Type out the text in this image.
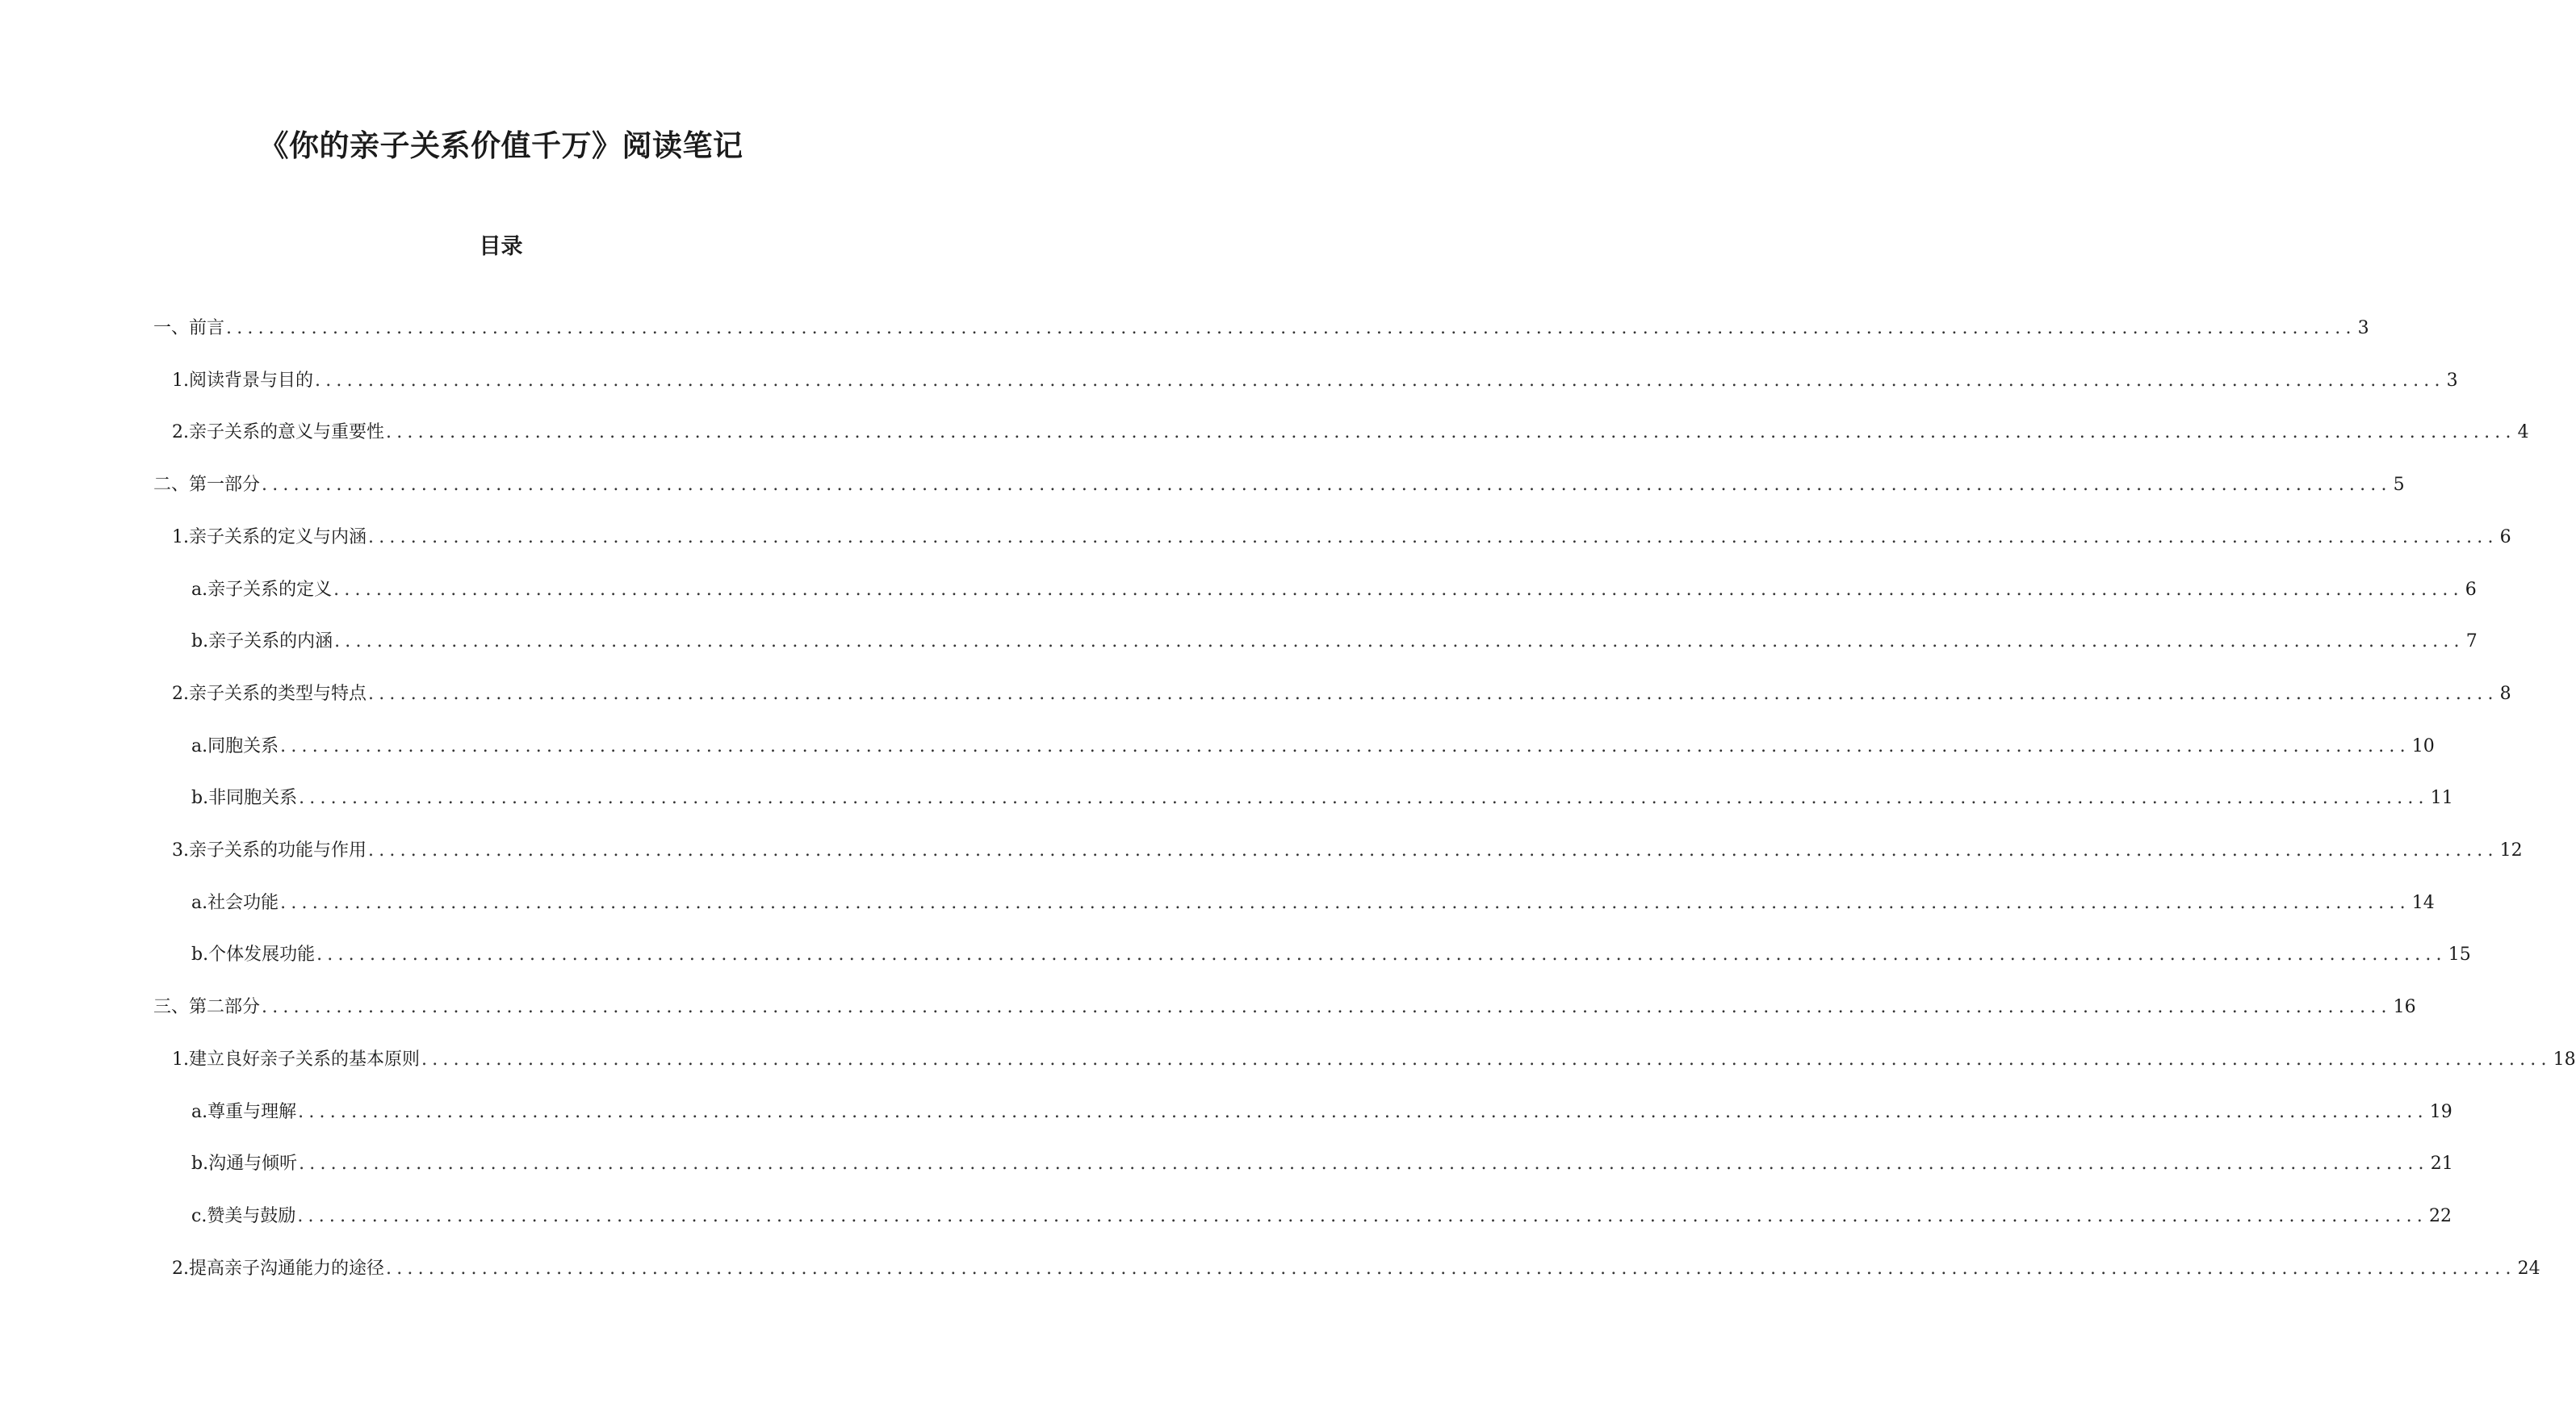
《你的亲子关系价值千万》阅读笔记
目录
一、 前言 ........................................................................................................................................................................................................ 3
1. 阅读背景与目的 ........................................................................................................................................................................................................ 3
2. 亲子关系的意义与重要性 ........................................................................................................................................................................................................ 4
二、 第一部分 ........................................................................................................................................................................................................ 5
1. 亲子关系的定义与内涵 ........................................................................................................................................................................................................ 6
a. 亲子关系的定义 ........................................................................................................................................................................................................ 6
b. 亲子关系的内涵 ........................................................................................................................................................................................................ 7
2. 亲子关系的类型与特点 ........................................................................................................................................................................................................ 8
a. 同胞关系 ........................................................................................................................................................................................................ 10
b. 非同胞关系 ........................................................................................................................................................................................................ 11
3. 亲子关系的功能与作用 ........................................................................................................................................................................................................ 12
a. 社会功能 ........................................................................................................................................................................................................ 14
b. 个体发展功能 ........................................................................................................................................................................................................ 15
三、 第二部分 ........................................................................................................................................................................................................ 16
1. 建立良好亲子关系的基本原则 ........................................................................................................................................................................................................ 18
a. 尊重与理解 ........................................................................................................................................................................................................ 19
b. 沟通与倾听 ........................................................................................................................................................................................................ 21
c. 赞美与鼓励 ........................................................................................................................................................................................................ 22
2. 提高亲子沟通能力的途径 ........................................................................................................................................................................................................ 24
